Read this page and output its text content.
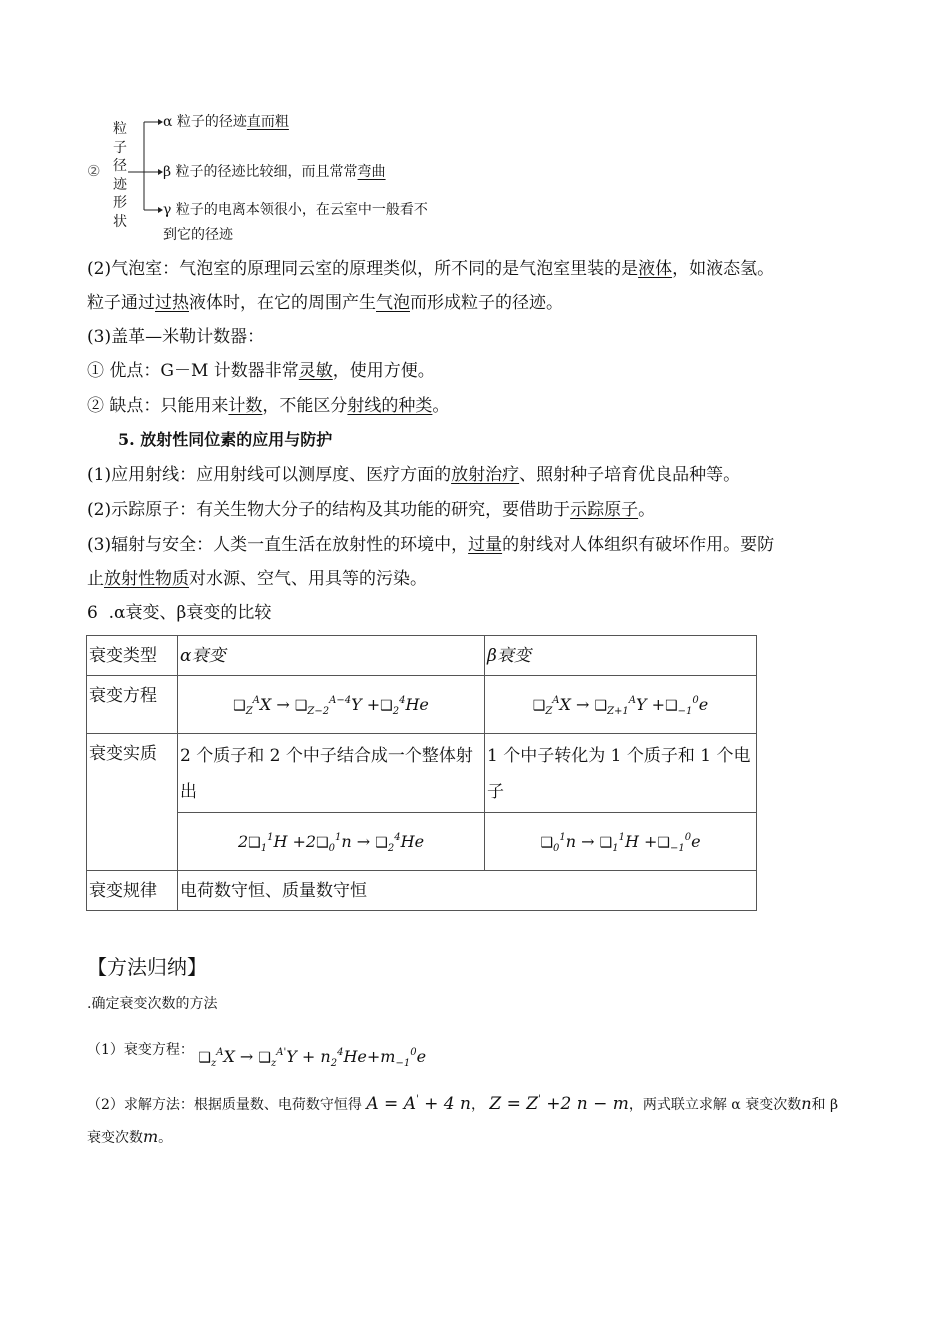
②
粒
子
径
迹
形
状
α 粒子的径迹直而粗
β 粒子的径迹比较细，而且常常弯曲
γ 粒子的电离本领很小，在云室中一般看不
到它的径迹
(2)气泡室：气泡室的原理同云室的原理类似，所不同的是气泡室里装的是液体，如液态氢。
粒子通过过热液体时，在它的周围产生气泡而形成粒子的径迹。
(3)盖革—米勒计数器：
① 优点：G－M 计数器非常灵敏，使用方便。
② 缺点：只能用来计数，不能区分射线的种类。
5. 放射性同位素的应用与防护
(1)应用射线：应用射线可以测厚度、医疗方面的放射治疗、照射种子培育优良品种等。
(2)示踪原子：有关生物大分子的结构及其功能的研究，要借助于示踪原子。
(3)辐射与安全：人类一直生活在放射性的环境中，过量的射线对人体组织有破坏作用。要防
止放射性物质对水源、空气、用具等的污染。
6 .α衰变、β衰变的比较
衰变类型	α衰变	β衰变
衰变方程	$❑_Z^AX$ → $❑_{Z-2}^{A-4}Y$ $+❑_2^4He$	$❑_Z^AX$ → $❑_{Z+1}^AY$ $+❑_{-1}^0e$
衰变实质	2 个质子和 2 个中子结合成一个整体射出	1 个中子转化为 1 个质子和 1 个电子
	$2❑_1^1H$ $+2❑_0^1n$ → $❑_2^4He$	$❑_0^1n$ → $❑_1^1H$ $+❑_{-1}^0e$
衰变规律	电荷数守恒、质量数守恒	
【方法归纳】
.确定衰变次数的方法
（1）衰变方程： $❑_z^AX$ → $❑_z^{A'}Y + n_2^4He+m_{-1}^0e$
（2）求解方法：根据质量数、电荷数守恒得 A = A' + 4 n， Z = Z' +2 n − m，两式联立求解 α 衰变次数n和 β
衰变次数m。
